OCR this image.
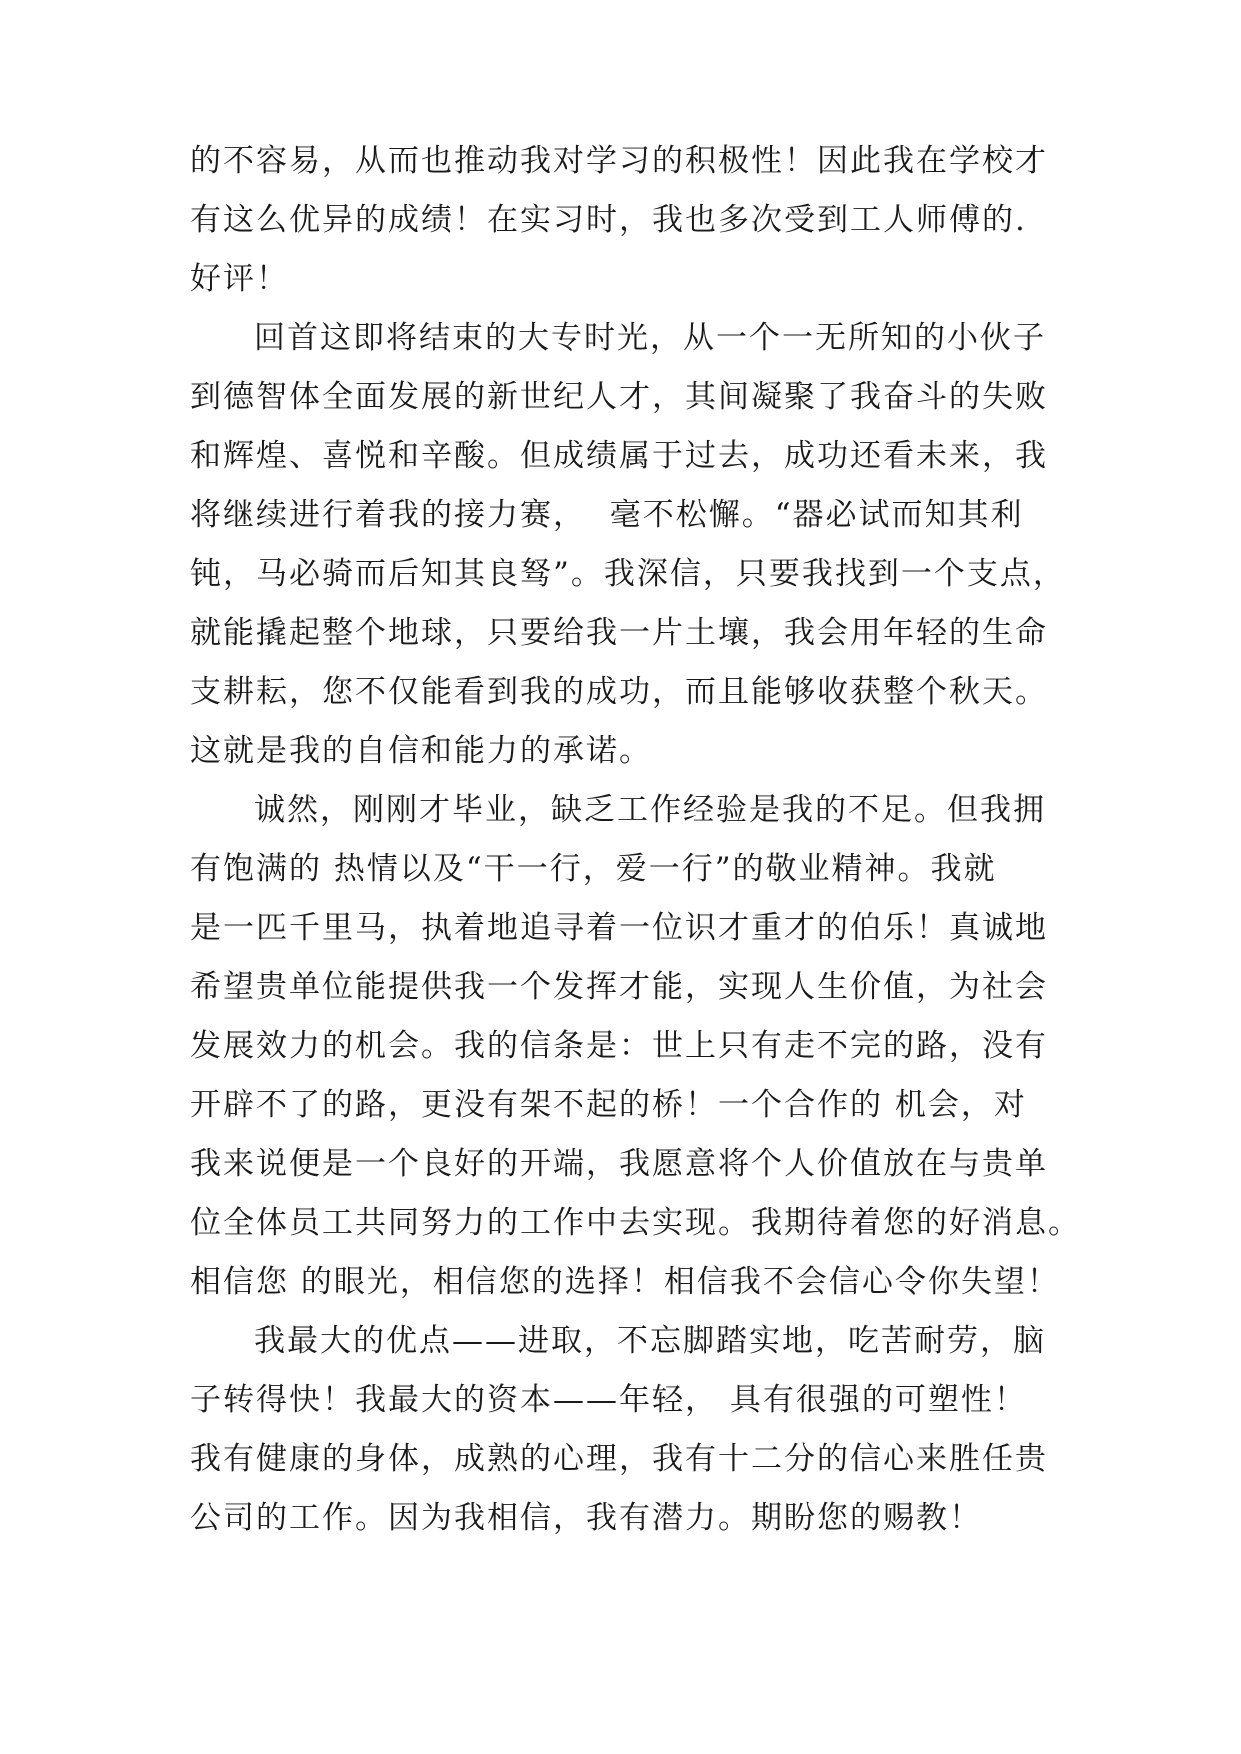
的不容易，从而也推动我对学习的积极性！因此我在学校才
有这么优异的成绩！在实习时，我也多次受到工人师傅的.
好评！
回首这即将结束的大专时光，从一个一无所知的小伙子
到德智体全面发展的新世纪人才，其间凝聚了我奋斗的失败
和辉煌、喜悦和辛酸。但成绩属于过去，成功还看未来，我
将继续进行着我的接力赛，  毫不松懈。“器必试而知其利
钝，马必骑而后知其良驽”。我深信，只要我找到一个支点，
就能撬起整个地球，只要给我一片土壤，我会用年轻的生命
支耕耘，您不仅能看到我的成功，而且能够收获整个秋天。
这就是我的自信和能力的承诺。
诚然，刚刚才毕业，缺乏工作经验是我的不足。但我拥
有饱满的 热情以及“干一行，爱一行”的敬业精神。我就
是一匹千里马，执着地追寻着一位识才重才的伯乐！真诚地
希望贵单位能提供我一个发挥才能，实现人生价值，为社会
发展效力的机会。我的信条是：世上只有走不完的路，没有
开辟不了的路，更没有架不起的桥！一个合作的 机会，对
我来说便是一个良好的开端，我愿意将个人价值放在与贵单
位全体员工共同努力的工作中去实现。我期待着您的好消息。
相信您 的眼光，相信您的选择！相信我不会信心令你失望！
我最大的优点——进取，不忘脚踏实地，吃苦耐劳，脑
子转得快！我最大的资本——年轻， 具有很强的可塑性！
我有健康的身体，成熟的心理，我有十二分的信心来胜任贵
公司的工作。因为我相信，我有潜力。期盼您的赐教！
